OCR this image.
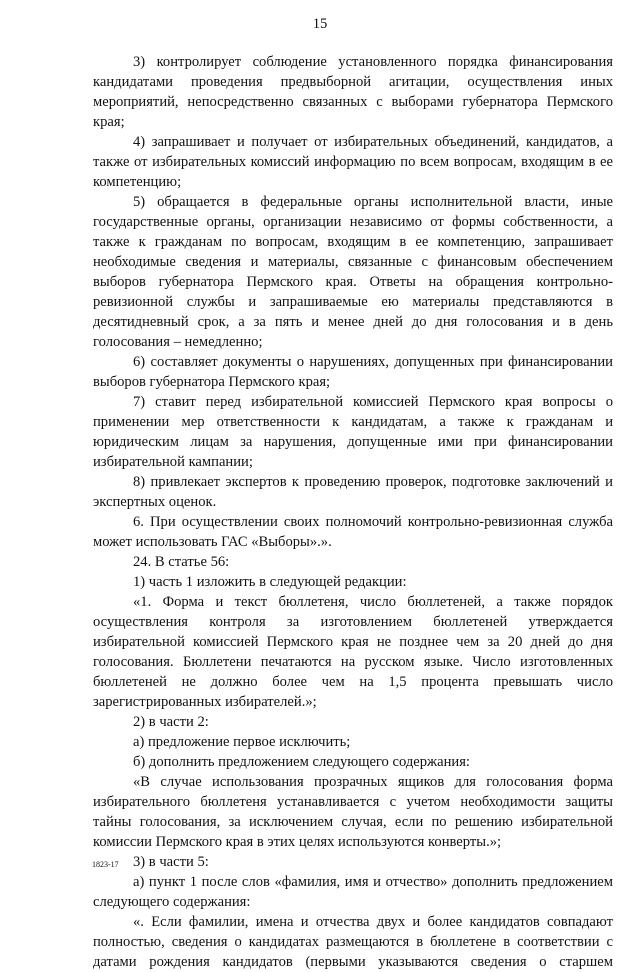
15

3) контролирует соблюдение установленного порядка финансирования кандидатами проведения предвыборной агитации, осуществления иных мероприятий, непосредственно связанных с выборами губернатора Пермского края;

4) запрашивает и получает от избирательных объединений, кандидатов, а также от избирательных комиссий информацию по всем вопросам, входящим в ее компетенцию;

5) обращается в федеральные органы исполнительной власти, иные государственные органы, организации независимо от формы собственности, а также к гражданам по вопросам, входящим в ее компетенцию, запрашивает необходимые сведения и материалы, связанные с финансовым обеспечением выборов губернатора Пермского края. Ответы на обращения контрольно-ревизионной службы и запрашиваемые ею материалы представляются в десятидневный срок, а за пять и менее дней до дня голосования и в день голосования – немедленно;

6) составляет документы о нарушениях, допущенных при финансировании выборов губернатора Пермского края;

7) ставит перед избирательной комиссией Пермского края вопросы о применении мер ответственности к кандидатам, а также к гражданам и юридическим лицам за нарушения, допущенные ими при финансировании избирательной кампании;

8) привлекает экспертов к проведению проверок, подготовке заключений и экспертных оценок.

6. При осуществлении своих полномочий контрольно-ревизионная служба может использовать ГАС «Выборы».».

24. В статье 56:

1) часть 1 изложить в следующей редакции:

«1. Форма и текст бюллетеня, число бюллетеней, а также порядок осуществления контроля за изготовлением бюллетеней утверждается избирательной комиссией Пермского края не позднее чем за 20 дней до дня голосования. Бюллетени печатаются на русском языке. Число изготовленных бюллетеней не должно более чем на 1,5 процента превышать число зарегистрированных избирателей.»;

2) в части 2:

а) предложение первое исключить;

б) дополнить предложением следующего содержания:

«В случае использования прозрачных ящиков для голосования форма избирательного бюллетеня устанавливается с учетом необходимости защиты тайны голосования, за исключением случая, если по решению избирательной комиссии Пермского края в этих целях используются конверты.»;

3) в части 5:

а) пункт 1 после слов «фамилия, имя и отчество» дополнить предложением следующего содержания:

«. Если фамилии, имена и отчества двух и более кандидатов совпадают полностью, сведения о кандидатах размещаются в бюллетене в соответствии с датами рождения кандидатов (первыми указываются сведения о старшем

1823-17
